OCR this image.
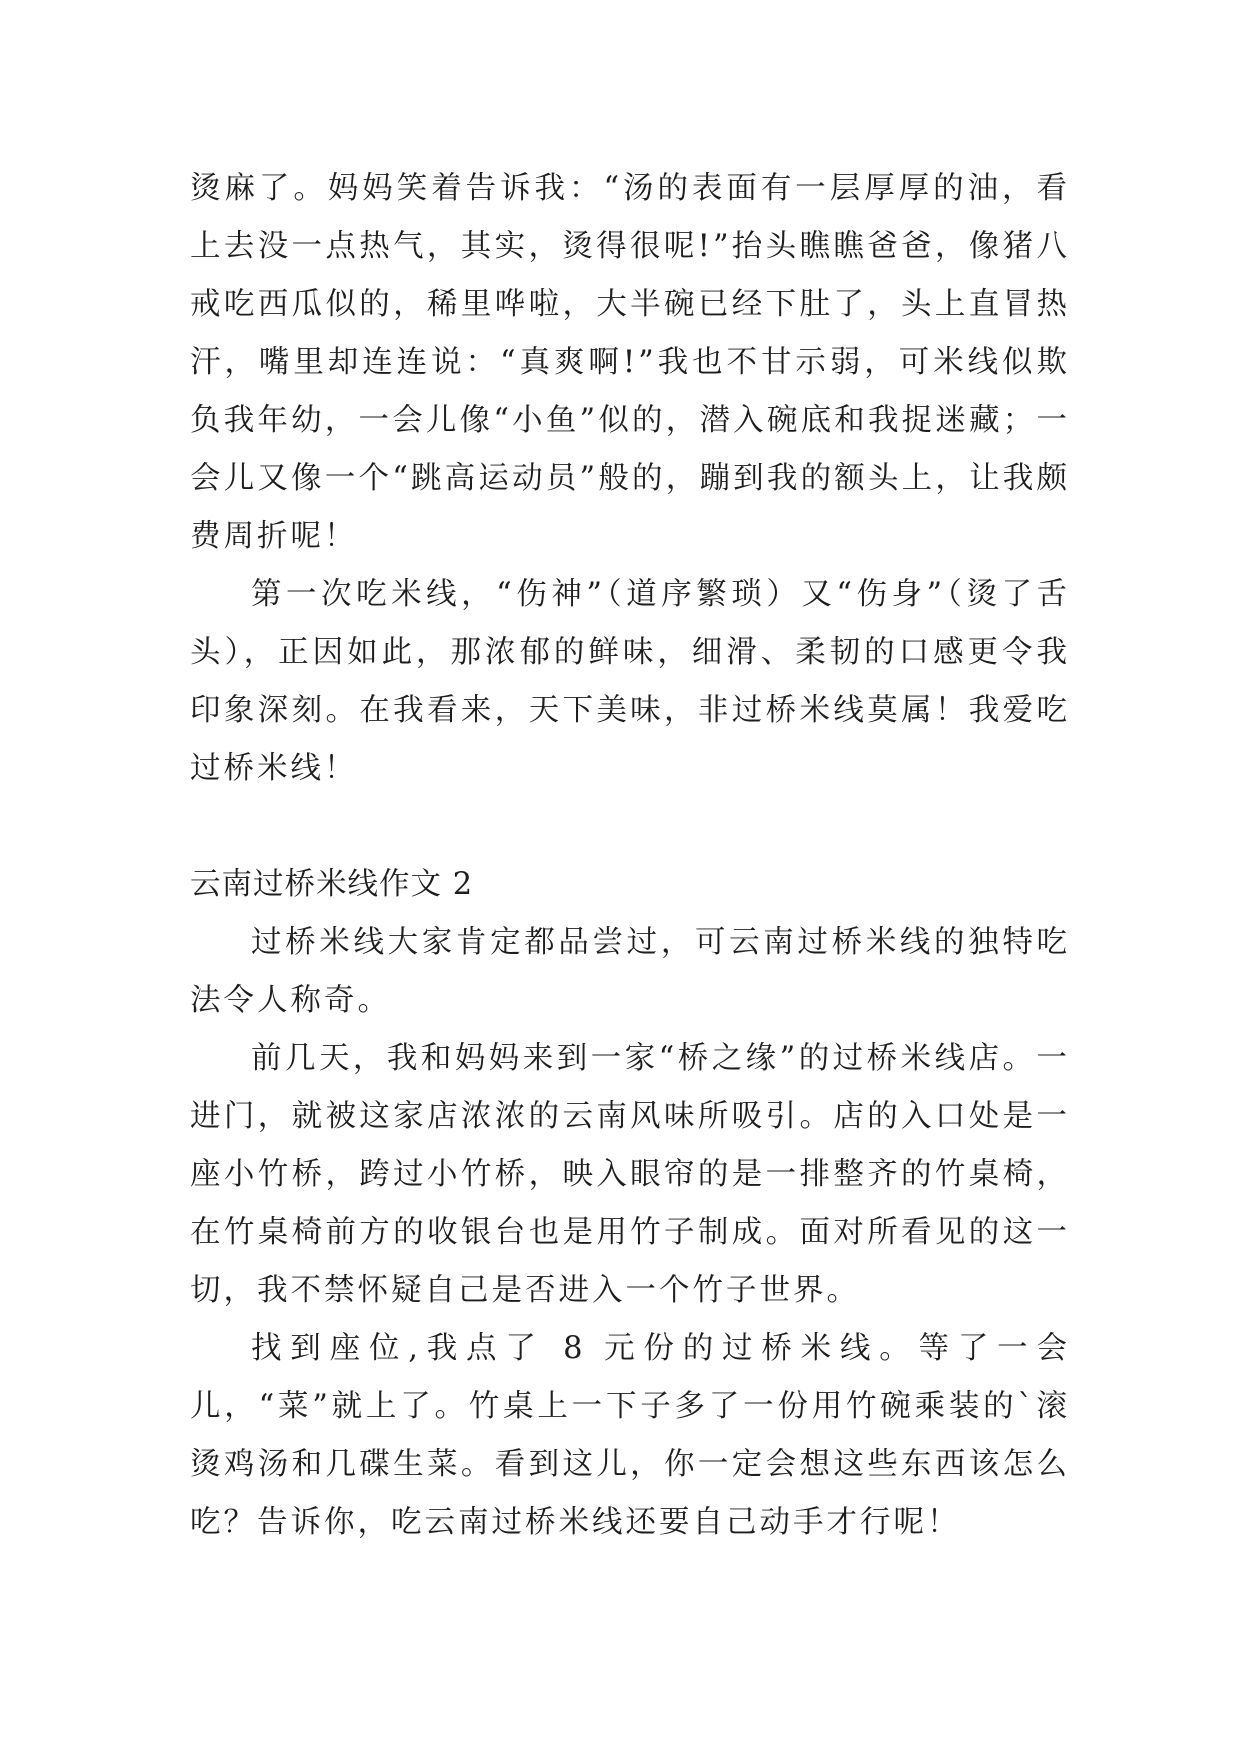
烫麻了。妈妈笑着告诉我：“汤的表面有一层厚厚的油，看上去没一点热气，其实，烫得很呢!”抬头瞧瞧爸爸，像猪八戒吃西瓜似的，稀里哗啦，大半碗已经下肚了，头上直冒热汗，嘴里却连连说：“真爽啊!”我也不甘示弱，可米线似欺负我年幼，一会儿像“小鱼”似的，潜入碗底和我捉迷藏；一会儿又像一个“跳高运动员”般的，蹦到我的额头上，让我颇费周折呢！

第一次吃米线，“伤神”（道序繁琐）又“伤身”（烫了舌头），正因如此，那浓郁的鲜味，细滑、柔韧的口感更令我印象深刻。在我看来，天下美味，非过桥米线莫属！我爱吃过桥米线！

云南过桥米线作文 2

过桥米线大家肯定都品尝过，可云南过桥米线的独特吃法令人称奇。

前几天，我和妈妈来到一家“桥之缘”的过桥米线店。一进门，就被这家店浓浓的云南风味所吸引。店的入口处是一座小竹桥，跨过小竹桥，映入眼帘的是一排整齐的竹桌椅，在竹桌椅前方的收银台也是用竹子制成。面对所看见的这一切，我不禁怀疑自己是否进入一个竹子世界。

找到座位,我点了 8 元份的过桥米线。等了一会儿，“菜”就上了。竹桌上一下子多了一份用竹碗乘装的`滚烫鸡汤和几碟生菜。看到这儿，你一定会想这些东西该怎么吃？告诉你，吃云南过桥米线还要自己动手才行呢！
